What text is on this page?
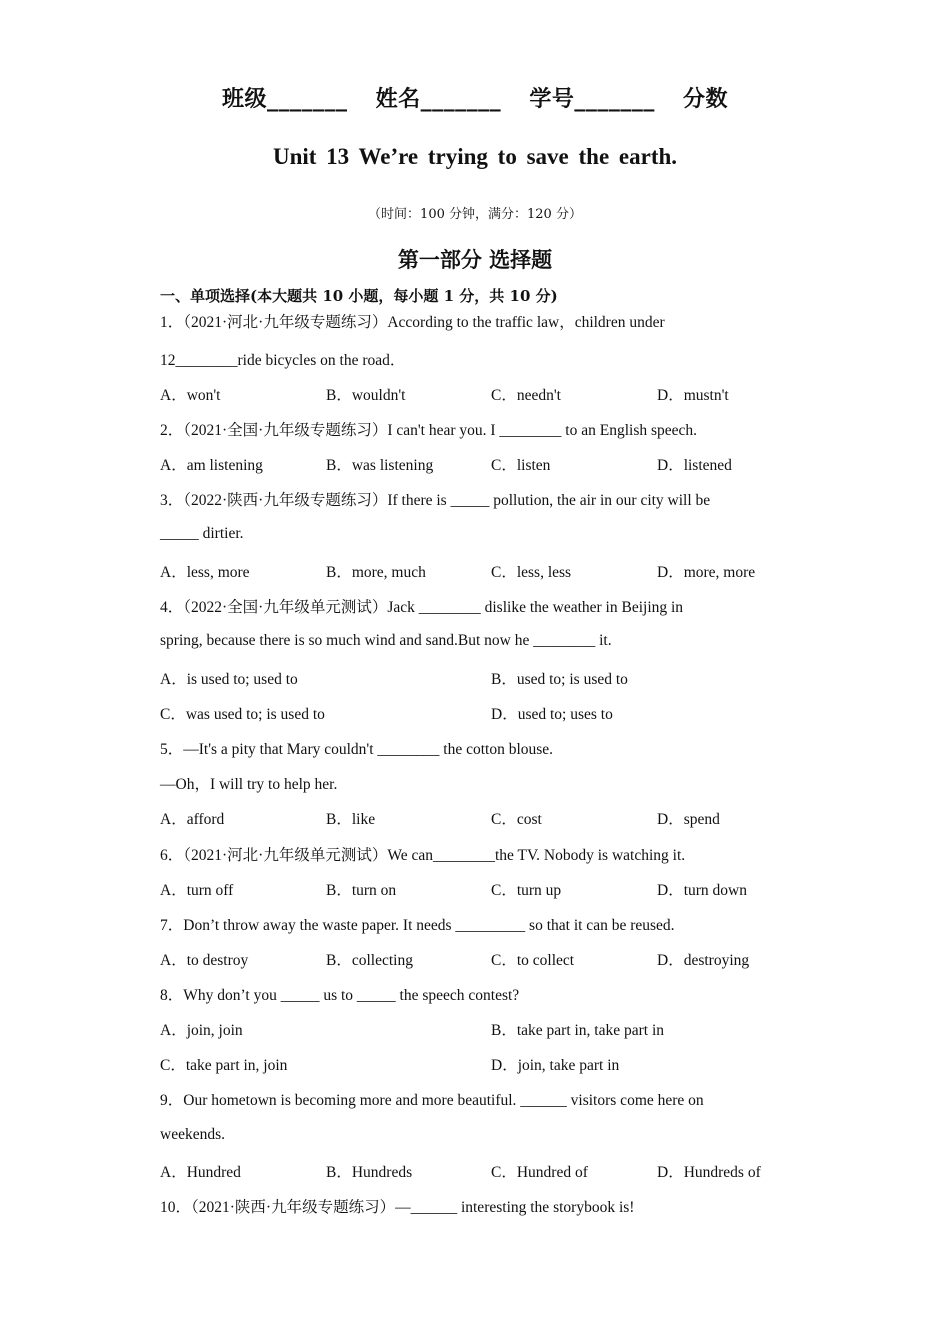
班级_______ 姓名_______ 学号_______ 分数
Unit 13 We’re trying to save the earth.
（时间：100 分钟，满分：120 分）
第一部分 选择题
一、单项选择(本大题共 10 小题，每小题 1 分，共 10 分)
1．（2021·河北·九年级专题练习）According to the traffic law，children under
12________ride bicycles on the road．
A．won't	B．wouldn't	C．needn't	D．mustn't
2．（2021·全国·九年级专题练习）I can't hear you. I ________ to an English speech.
A．am listening	B．was listening	C．listen	D．listened
3．（2022·陕西·九年级专题练习）If there is _____ pollution, the air in our city will be
_____ dirtier.
A．less, more	B．more, much	C．less, less	D．more, more
4．（2022·全国·九年级单元测试）Jack ________ dislike the weather in Beijing in
spring, because there is so much wind and sand.But now he ________ it.
A．is used to; used to	B．used to; is used to
C．was used to; is used to	D．used to; uses to
5．—It's a pity that Mary couldn't ________ the cotton blouse.
—Oh，I will try to help her.
A．afford	B．like	C．cost	D．spend
6．（2021·河北·九年级单元测试）We can________the TV. Nobody is watching it.
A．turn off	B．turn on	C．turn up	D．turn down
7．Don’t throw away the waste paper. It needs _________ so that it can be reused.
A．to destroy	B．collecting	C．to collect	D．destroying
8．Why don’t you _____ us to _____ the speech contest?
A．join, join	B．take part in, take part in
C．take part in, join	D．join, take part in
9．Our hometown is becoming more and more beautiful. ______ visitors come here on
weekends.
A．Hundred	B．Hundreds	C．Hundred of	D．Hundreds of
10．（2021·陕西·九年级专题练习）—______ interesting the storybook is!
